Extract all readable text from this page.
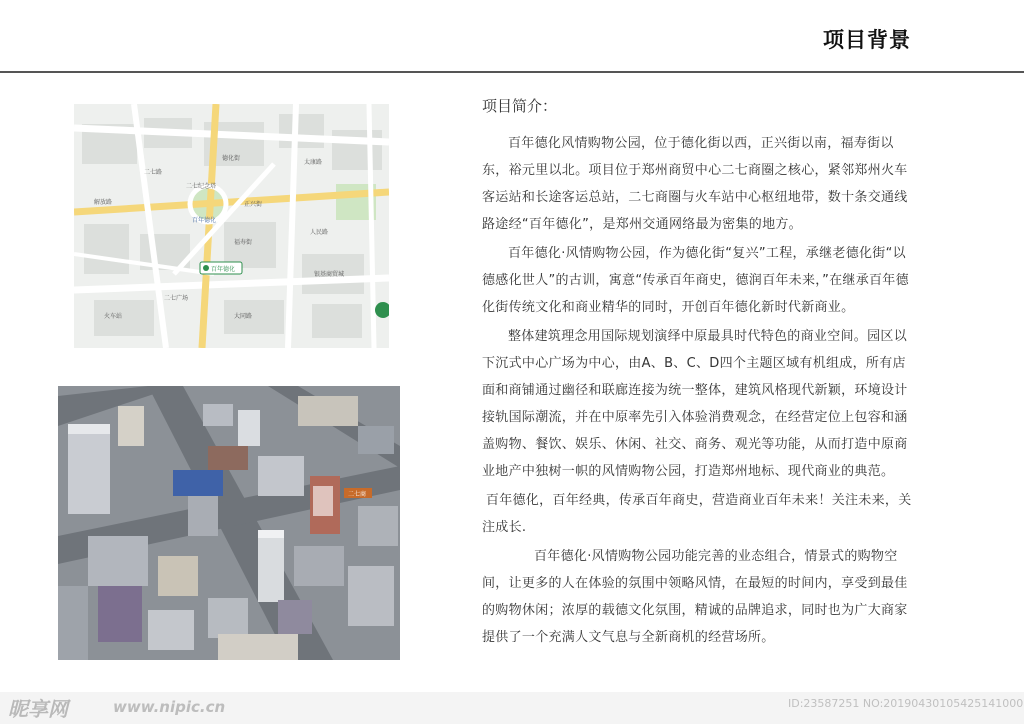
项目背景
百年德化
二七纪念塔
德化街
二七路
正兴街
太康路
解放路
福寿街
人民路
火车站
二七广场
银基商贸城
大同路
百年德化
二七商
项目简介：

百年德化风情购物公园，位于德化街以西，正兴街以南，福寿街以东，裕元里以北。项目位于郑州商贸中心二七商圈之核心，紧邻郑州火车客运站和长途客运总站，二七商圈与火车站中心枢纽地带，数十条交通线路途经“百年德化”，是郑州交通网络最为密集的地方。

百年德化·风情购物公园，作为德化街“复兴”工程，承继老德化街“以德感化世人”的古训，寓意“传承百年商史，德润百年未来，”在继承百年德化街传统文化和商业精华的同时，开创百年德化新时代新商业。

整体建筑理念用国际规划演绎中原最具时代特色的商业空间。园区以下沉式中心广场为中心，由A、B、C、D四个主题区域有机组成，所有店面和商铺通过幽径和联廊连接为统一整体，建筑风格现代新颖，环境设计接轨国际潮流，并在中原率先引入体验消费观念，在经营定位上包容和涵盖购物、餐饮、娱乐、休闲、社交、商务、观光等功能，从而打造中原商业地产中独树一帜的风情购物公园，打造郑州地标、现代商业的典范。

百年德化，百年经典，传承百年商史，营造商业百年未来！关注未来，关注成长.

百年德化·风情购物公园功能完善的业态组合，情景式的购物空间，让更多的人在体验的氛围中领略风情，在最短的时间内，享受到最佳的购物休闲；浓厚的载德文化氛围，精诚的品牌追求，同时也为广大商家提供了一个充满人文气息与全新商机的经营场所。

昵享网	www.nipic.cn	ID:23587251 NO:20190430105425141000
